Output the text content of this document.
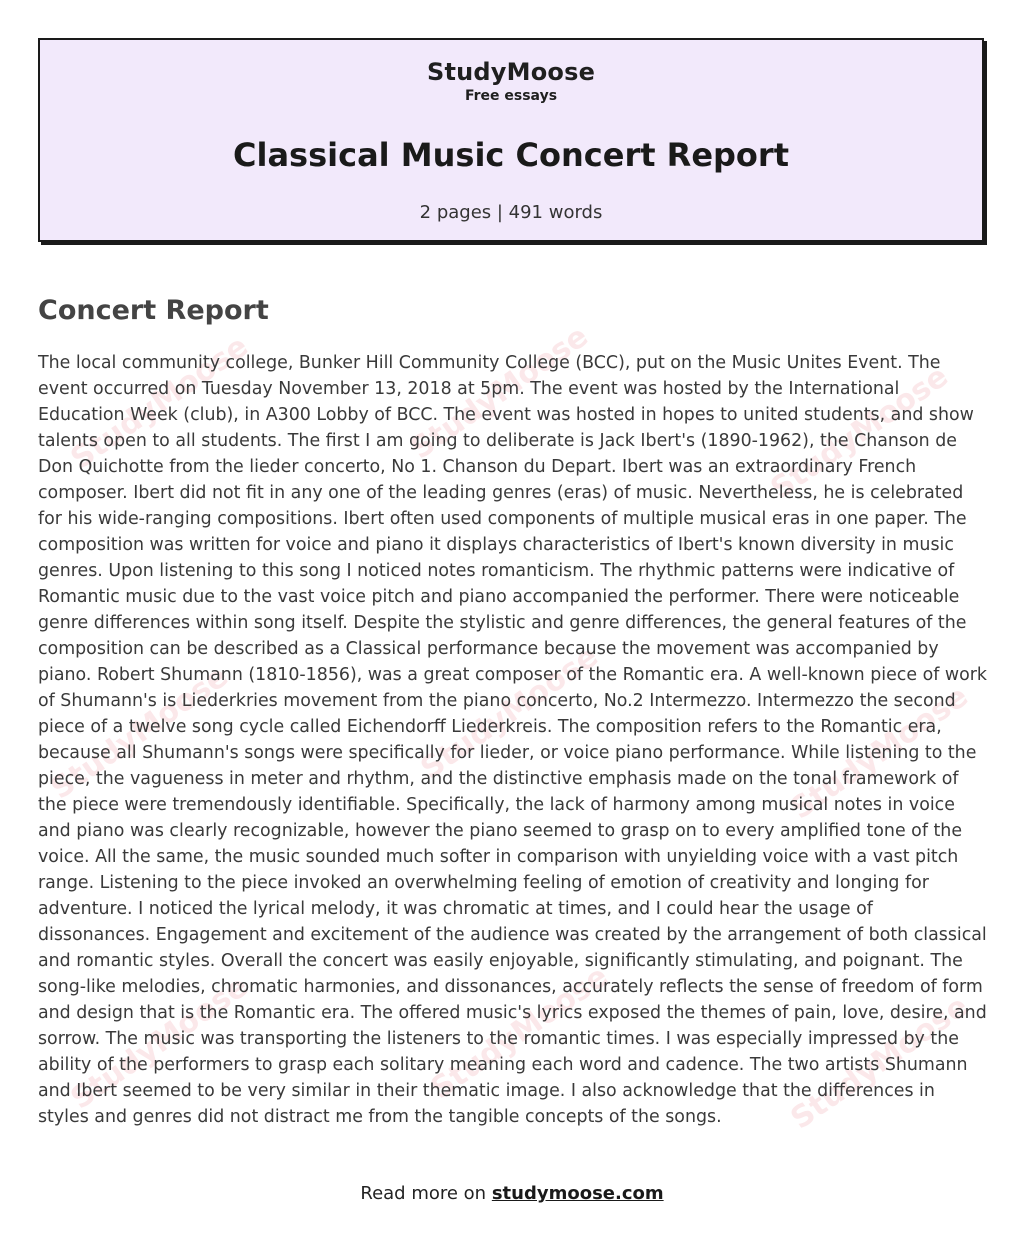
StudyMoose	StudyMoose	StudyMoose
StudyMoose	StudyMoose	StudyMoose
StudyMoose	StudyMoose	StudyMoose
StudyMoose
Free essays
Classical Music Concert Report
2 pages | 491 words
Concert Report

The local community college, Bunker Hill Community College (BCC), put on the Music Unites Event. The event occurred on Tuesday November 13, 2018 at 5pm. The event was hosted by the International Education Week (club), in A300 Lobby of BCC. The event was hosted in hopes to united students, and show talents open to all students. The first I am going to deliberate is Jack Ibert's (1890-1962), the Chanson de Don Quichotte from the lieder concerto, No 1. Chanson du Depart. Ibert was an extraordinary French composer. Ibert did not fit in any one of the leading genres (eras) of music. Nevertheless, he is celebrated for his wide-ranging compositions. Ibert often used components of multiple musical eras in one paper. The composition was written for voice and piano it displays characteristics of Ibert's known diversity in music genres. Upon listening to this song I noticed notes romanticism. The rhythmic patterns were indicative of Romantic music due to the vast voice pitch and piano accompanied the performer. There were noticeable genre differences within song itself. Despite the stylistic and genre differences, the general features of the composition can be described as a Classical performance because the movement was accompanied by piano. Robert Shumann (1810-1856), was a great composer of the Romantic era. A well-known piece of work of Shumann's is Liederkries movement from the piano concerto, No.2 Intermezzo. Intermezzo the second piece of a twelve song cycle called Eichendorff Liederkreis. The composition refers to the Romantic era, because all Shumann's songs were specifically for lieder, or voice piano performance. While listening to the piece, the vagueness in meter and rhythm, and the distinctive emphasis made on the tonal framework of the piece were tremendously identifiable. Specifically, the lack of harmony among musical notes in voice and piano was clearly recognizable, however the piano seemed to grasp on to every amplified tone of the voice. All the same, the music sounded much softer in comparison with unyielding voice with a vast pitch range. Listening to the piece invoked an overwhelming feeling of emotion of creativity and longing for adventure. I noticed the lyrical melody, it was chromatic at times, and I could hear the usage of dissonances. Engagement and excitement of the audience was created by the arrangement of both classical and romantic styles. Overall the concert was easily enjoyable, significantly stimulating, and poignant. The song-like melodies, chromatic harmonies, and dissonances, accurately reflects the sense of freedom of form and design that is the Romantic era. The offered music's lyrics exposed the themes of pain, love, desire, and sorrow. The music was transporting the listeners to the romantic times. I was especially impressed by the ability of the performers to grasp each solitary meaning each word and cadence. The two artists Shumann and Ibert seemed to be very similar in their thematic image. I also acknowledge that the differences in styles and genres did not distract me from the tangible concepts of the songs.

Read more on studymoose.com
